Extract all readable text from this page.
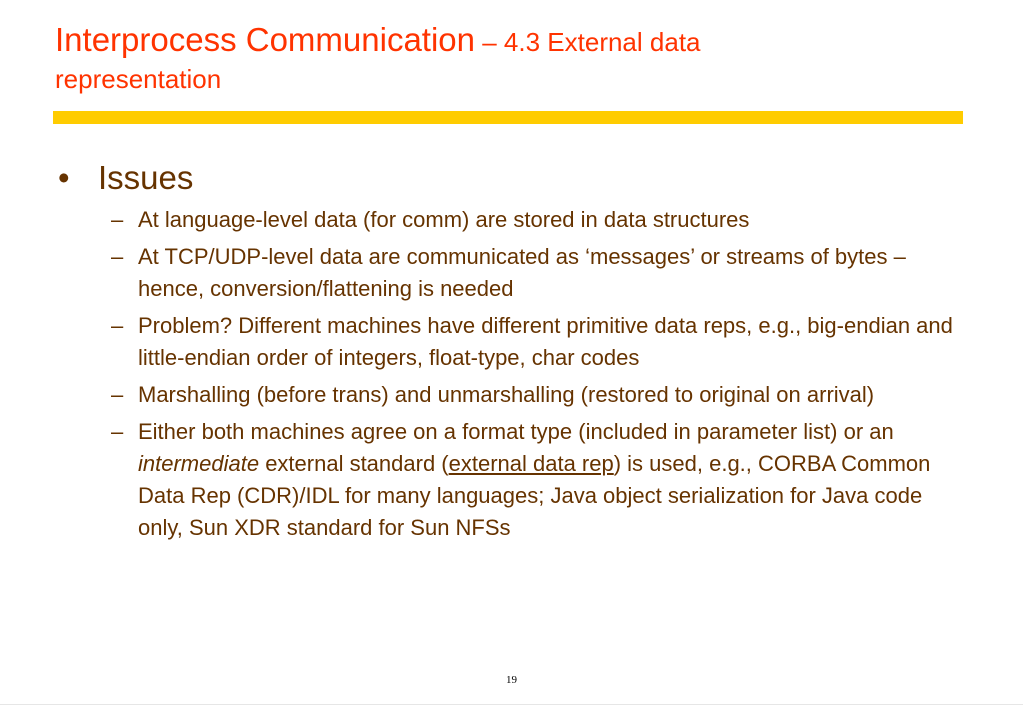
Interprocess Communication – 4.3 External data
representation
• Issues
– At language-level data (for comm) are stored in data structures
– At TCP/UDP-level data are communicated as ‘messages’ or streams of bytes – hence, conversion/flattening is needed
– Problem? Different machines have different primitive data reps, e.g., big-endian and little-endian order of integers, float-type, char codes
– Marshalling (before trans) and unmarshalling (restored to original on arrival)
– Either both machines agree on a format type (included in parameter list) or an intermediate external standard (external data rep) is used, e.g., CORBA Common Data Rep (CDR)/IDL for many languages; Java object serialization for Java code only, Sun XDR standard for Sun NFSs
19
